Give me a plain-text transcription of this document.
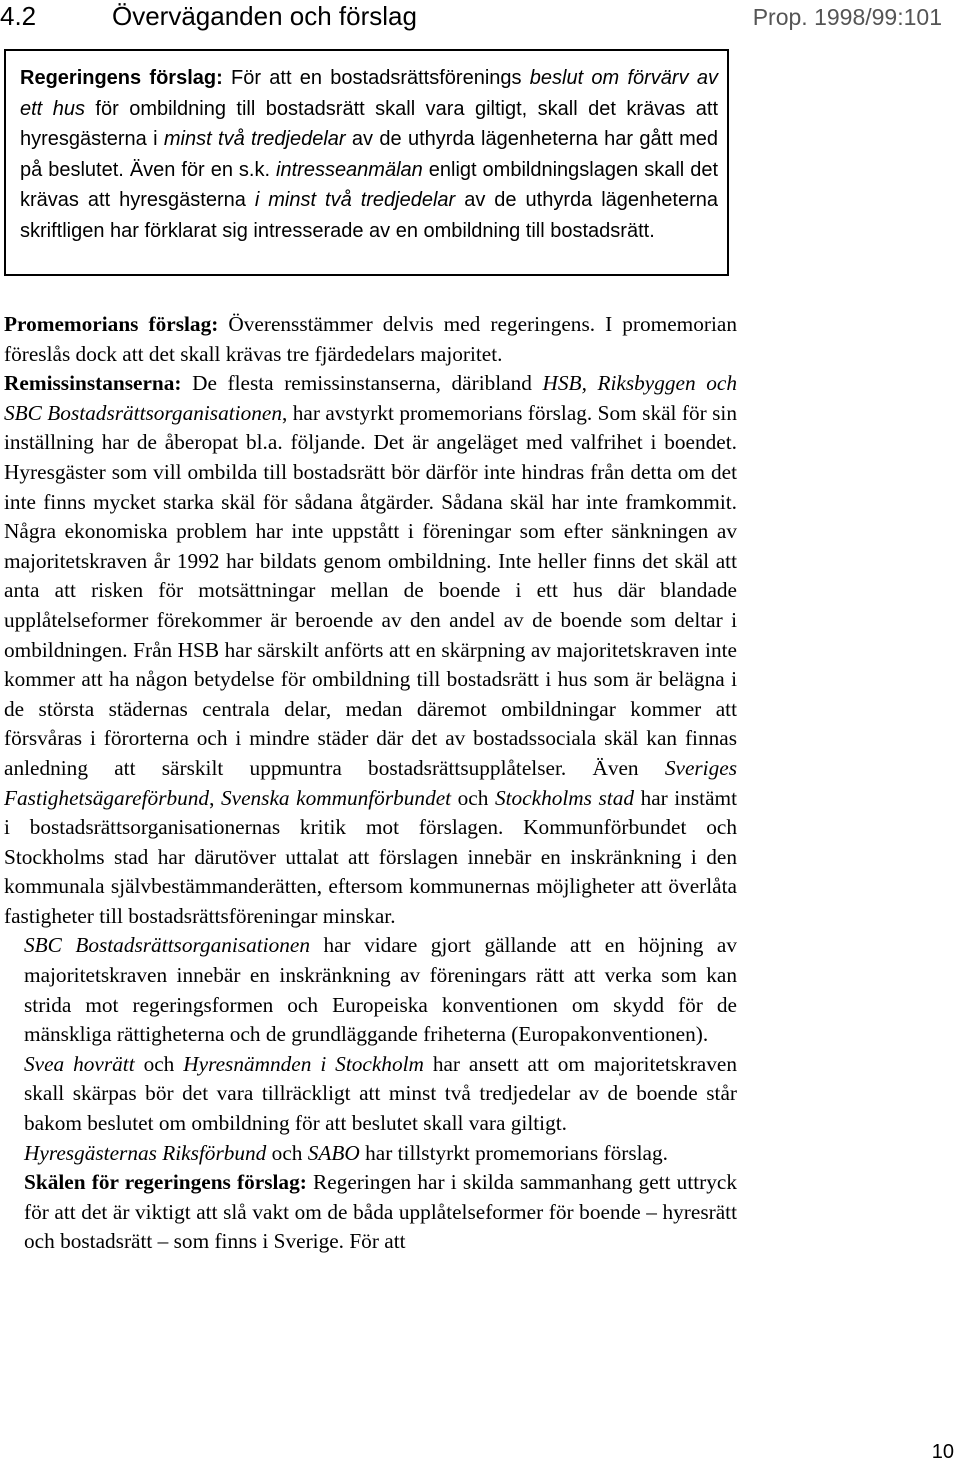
4.2	Överväganden och förslag	Prop. 1998/99:101

Regeringens förslag: För att en bostadsrättsförenings beslut om förvärv av ett hus för ombildning till bostadsrätt skall vara giltigt, skall det krävas att hyresgästerna i minst två tredjedelar av de uthyrda lägenheterna har gått med på beslutet. Även för en s.k. intresseanmälan enligt ombildningslagen skall det krävas att hyresgästerna i minst två tredjedelar av de uthyrda lägenheterna skriftligen har förklarat sig intresserade av en ombildning till bostadsrätt.

Promemorians förslag: Överensstämmer delvis med regeringens. I promemorian föreslås dock att det skall krävas tre fjärdedelars majoritet.

Remissinstanserna: De flesta remissinstanserna, däribland HSB, Riksbyggen och SBC Bostadsrättsorganisationen, har avstyrkt promemorians förslag. Som skäl för sin inställning har de åberopat bl.a. följande. Det är angeläget med valfrihet i boendet. Hyresgäster som vill ombilda till bostadsrätt bör därför inte hindras från detta om det inte finns mycket starka skäl för sådana åtgärder. Sådana skäl har inte framkommit. Några ekonomiska problem har inte uppstått i föreningar som efter sänkningen av majoritetskraven år 1992 har bildats genom ombildning. Inte heller finns det skäl att anta att risken för motsättningar mellan de boende i ett hus där blandade upplåtelseformer förekommer är beroende av den andel av de boende som deltar i ombildningen. Från HSB har särskilt anförts att en skärpning av majoritetskraven inte kommer att ha någon betydelse för ombildning till bostadsrätt i hus som är belägna i de största städernas centrala delar, medan däremot ombildningar kommer att försvåras i förorterna och i mindre städer där det av bostadssociala skäl kan finnas anledning att särskilt uppmuntra bostadsrättsupplåtelser. Även Sveriges Fastighetsägareförbund, Svenska kommunförbundet och Stockholms stad har instämt i bostadsrättsorganisationernas kritik mot förslagen. Kommunförbundet och Stockholms stad har därutöver uttalat att förslagen innebär en inskränkning i den kommunala självbestämmanderätten, eftersom kommunernas möjligheter att överlåta fastigheter till bostadsrättsföreningar minskar.

SBC Bostadsrättsorganisationen har vidare gjort gällande att en höjning av majoritetskraven innebär en inskränkning av föreningars rätt att verka som kan strida mot regeringsformen och Europeiska konventionen om skydd för de mänskliga rättigheterna och de grundläggande friheterna (Europakonventionen).

Svea hovrätt och Hyresnämnden i Stockholm har ansett att om majoritetskraven skall skärpas bör det vara tillräckligt att minst två tredjedelar av de boende står bakom beslutet om ombildning för att beslutet skall vara giltigt.

Hyresgästernas Riksförbund och SABO har tillstyrkt promemorians förslag.

Skälen för regeringens förslag: Regeringen har i skilda sammanhang gett uttryck för att det är viktigt att slå vakt om de båda upplåtelseformer för boende – hyresrätt och bostadsrätt – som finns i Sverige. För att

10
